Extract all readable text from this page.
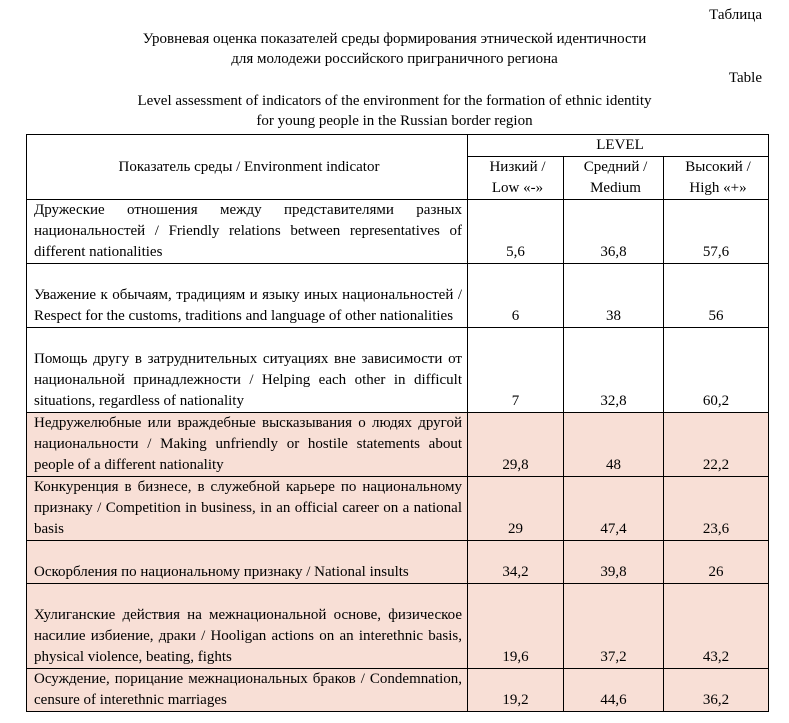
Таблица
Уровневая оценка показателей среды формирования этнической идентичности
для молодежи российского приграничного региона
Table
Level assessment of indicators of the environment for the formation of ethnic identity
for young people in the Russian border region
Показатель среды / Environment indicator	LEVEL		
	Низкий / Low «-»	Средний / Medium	Высокий / High «+»
Дружеские отношения между представителями разных национальностей / Friendly relations between representatives of different nationalities	5,6	36,8	57,6
Уважение к обычаям, традициям и языку иных национальностей / Respect for the customs, traditions and language of other nationalities	6	38	56
Помощь другу в затруднительных ситуациях вне зависимости от национальной принадлежности / Helping each other in difficult situations, regardless of nationality	7	32,8	60,2
Недружелюбные или враждебные высказывания о людях другой национальности / Making unfriendly or hostile statements about people of a different nationality	29,8	48	22,2
Конкуренция в бизнесе, в служебной карьере по национальному признаку / Competition in business, in an official career on a national basis	29	47,4	23,6
Оскорбления по национальному признаку / National insults	34,2	39,8	26
Хулиганские действия на межнациональной основе, физическое насилие избиение, драки / Hooligan actions on an interethnic basis, physical violence, beating, fights	19,6	37,2	43,2
Осуждение, порицание межнациональных браков / Condemnation, censure of interethnic marriages	19,2	44,6	36,2
